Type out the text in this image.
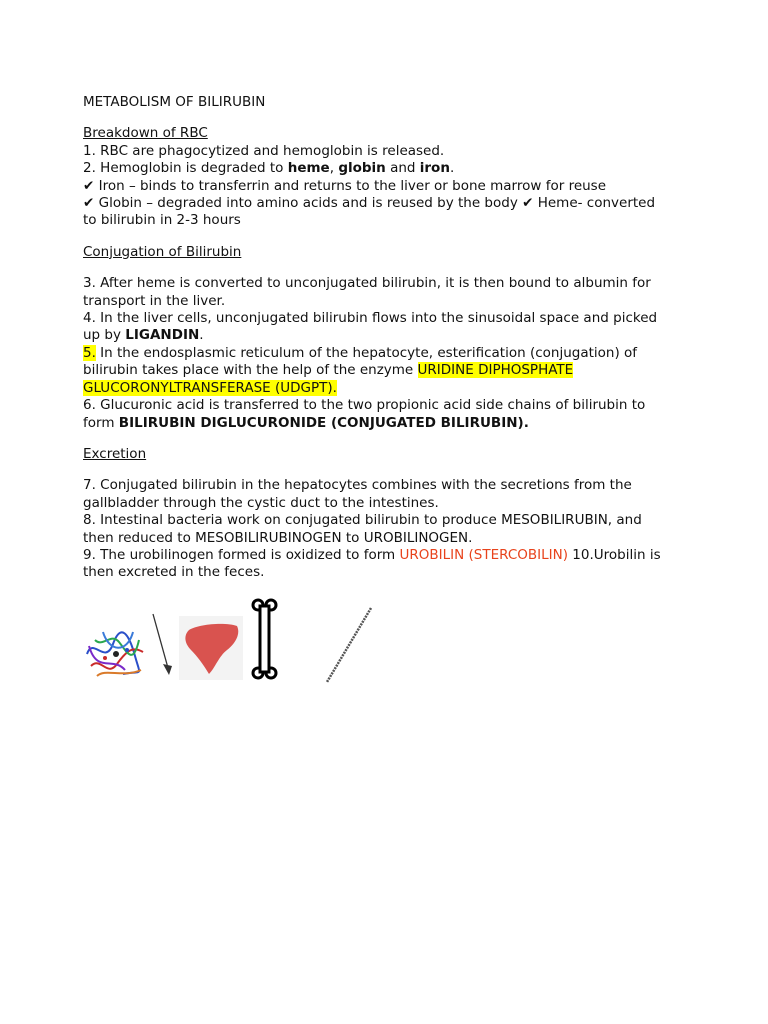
METABOLISM OF BILIRUBIN

Breakdown of RBC

1. RBC are phagocytized and hemoglobin is released.

2. Hemoglobin is degraded to heme, globin and iron.

✔ Iron – binds to transferrin and returns to the liver or bone marrow for reuse

✔ Globin – degraded into amino acids and is reused by the body ✔ Heme- converted

to bilirubin in 2-3 hours

Conjugation of Bilirubin

3. After heme is converted to unconjugated bilirubin, it is then bound to albumin for

transport in the liver.

4. In the liver cells, unconjugated bilirubin flows into the sinusoidal space and picked

up by LIGANDIN.

5. In the endosplasmic reticulum of the hepatocyte, esterification (conjugation) of

bilirubin takes place with the help of the enzyme URIDINE DIPHOSPHATE

GLUCORONYLTRANSFERASE (UDGPT).

6. Glucuronic acid is transferred to the two propionic acid side chains of bilirubin to

form BILIRUBIN DIGLUCURONIDE (CONJUGATED BILIRUBIN).

Excretion

7. Conjugated bilirubin in the hepatocytes combines with the secretions from the

gallbladder through the cystic duct to the intestines.

8. Intestinal bacteria work on conjugated bilirubin to produce MESOBILIRUBIN, and

then reduced to MESOBILIRUBINOGEN to UROBILINOGEN.

9. The urobilinogen formed is oxidized to form UROBILIN (STERCOBILIN) 10.Urobilin is

then excreted in the feces.
